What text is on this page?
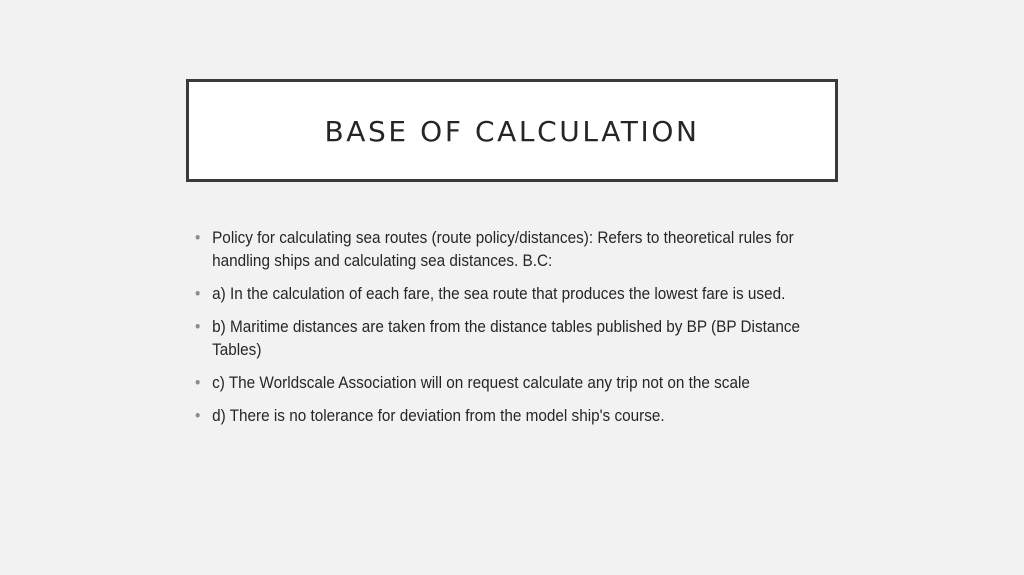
BASE OF CALCULATION
• Policy for calculating sea routes (route policy/distances): Refers to theoretical rules for handling ships and calculating sea distances. B.C:
• a) In the calculation of each fare, the sea route that produces the lowest fare is used.
• b) Maritime distances are taken from the distance tables published by BP (BP Distance Tables)
• c) The Worldscale Association will on request calculate any trip not on the scale
• d) There is no tolerance for deviation from the model ship's course.
